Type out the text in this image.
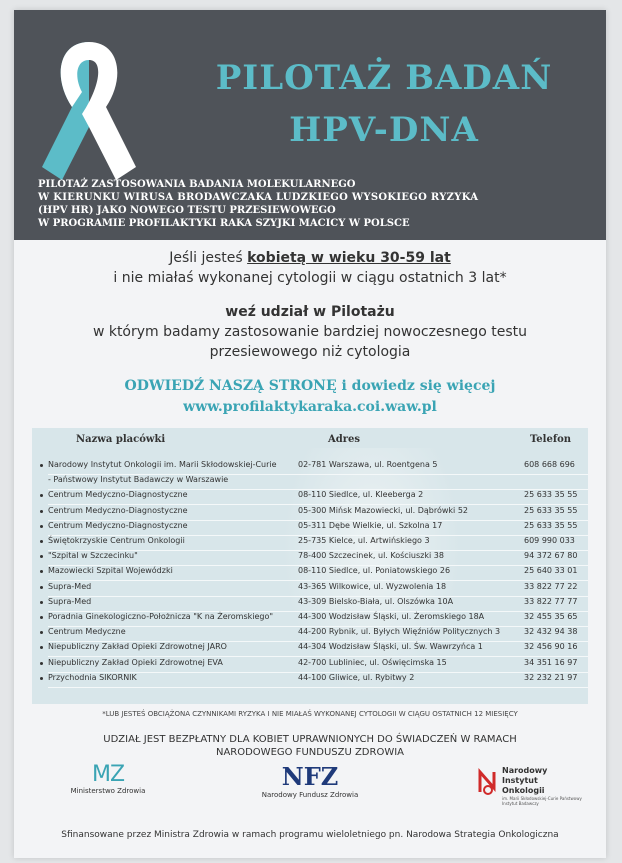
PILOTAŻ BADAŃ
HPV-DNA
PILOTAŻ ZASTOSOWANIA BADANIA MOLEKULARNEGO
W KIERUNKU WIRUSA BRODAWCZAKA LUDZKIEGO WYSOKIEGO RYZYKA
(HPV HR) JAKO NOWEGO TESTU PRZESIEWOWEGO
W PROGRAMIE PROFILAKTYKI RAKA SZYJKI MACICY W POLSCE
Jeśli jesteś kobietą w wieku 30-59 lat
i nie miałaś wykonanej cytologii w ciągu ostatnich 3 lat*
weź udział w Pilotażu
w którym badamy zastosowanie bardziej nowoczesnego testu
przesiewowego niż cytologia
ODWIEDŹ NASZĄ STRONĘ i dowiedz się więcej
www.profilaktykaraka.coi.waw.pl
Nazwa placówki	Adres	Telefon
Narodowy Instytut Onkologii im. Marii Skłodowskiej-Curie	02-781 Warszawa, ul. Roentgena 5	608 668 696
- Państwowy Instytut Badawczy w Warszawie
Centrum Medyczno-Diagnostyczne	08-110 Siedlce, ul. Kleeberga 2	25 633 35 55
Centrum Medyczno-Diagnostyczne	05-300 Mińsk Mazowiecki, ul. Dąbrówki 52	25 633 35 55
Centrum Medyczno-Diagnostyczne	05-311 Dębe Wielkie, ul. Szkolna 17	25 633 35 55
Świętokrzyskie Centrum Onkologii	25-735 Kielce, ul. Artwińskiego 3	609 990 033
"Szpital w Szczecinku"	78-400 Szczecinek, ul. Kościuszki 38	94 372 67 80
Mazowiecki Szpital Wojewódzki	08-110 Siedlce, ul. Poniatowskiego 26	25 640 33 01
Supra-Med	43-365 Wilkowice, ul. Wyzwolenia 18	33 822 77 22
Supra-Med	43-309 Bielsko-Biała, ul. Olszówka 10A	33 822 77 77
Poradnia Ginekologiczno-Położnicza "K na Żeromskiego"	44-300 Wodzisław Śląski, ul. Żeromskiego 18A	32 455 35 65
Centrum Medyczne	44-200 Rybnik, ul. Byłych Więźniów Politycznych 3	32 432 94 38
Niepubliczny Zakład Opieki Zdrowotnej JARO	44-304 Wodzisław Śląski, ul. Św. Wawrzyńca 1	32 456 90 16
Niepubliczny Zakład Opieki Zdrowotnej EVA	42-700 Lubliniec, ul. Oświęcimska 15	34 351 16 97
Przychodnia SIKORNIK	44-100 Gliwice, ul. Rybitwy 2	32 232 21 97
*LUB JESTEŚ OBCIĄŻONA CZYNNIKAMI RYZYKA I NIE MIAŁAŚ WYKONANEJ CYTOLOGII W CIĄGU OSTATNICH 12 MIESIĘCY
UDZIAŁ JEST BEZPŁATNY DLA KOBIET UPRAWNIONYCH DO ŚWIADCZEŃ W RAMACH
NARODOWEGO FUNDUSZU ZDROWIA
MZ
Ministerstwo Zdrowia	NFZ
Narodowy Fundusz Zdrowia
Narodowy
Instytut
Onkologii
im. Marii Skłodowskiej-Curie Państwowy Instytut Badawczy
Sfinansowane przez Ministra Zdrowia w ramach programu wieloletniego pn. Narodowa Strategia Onkologiczna
